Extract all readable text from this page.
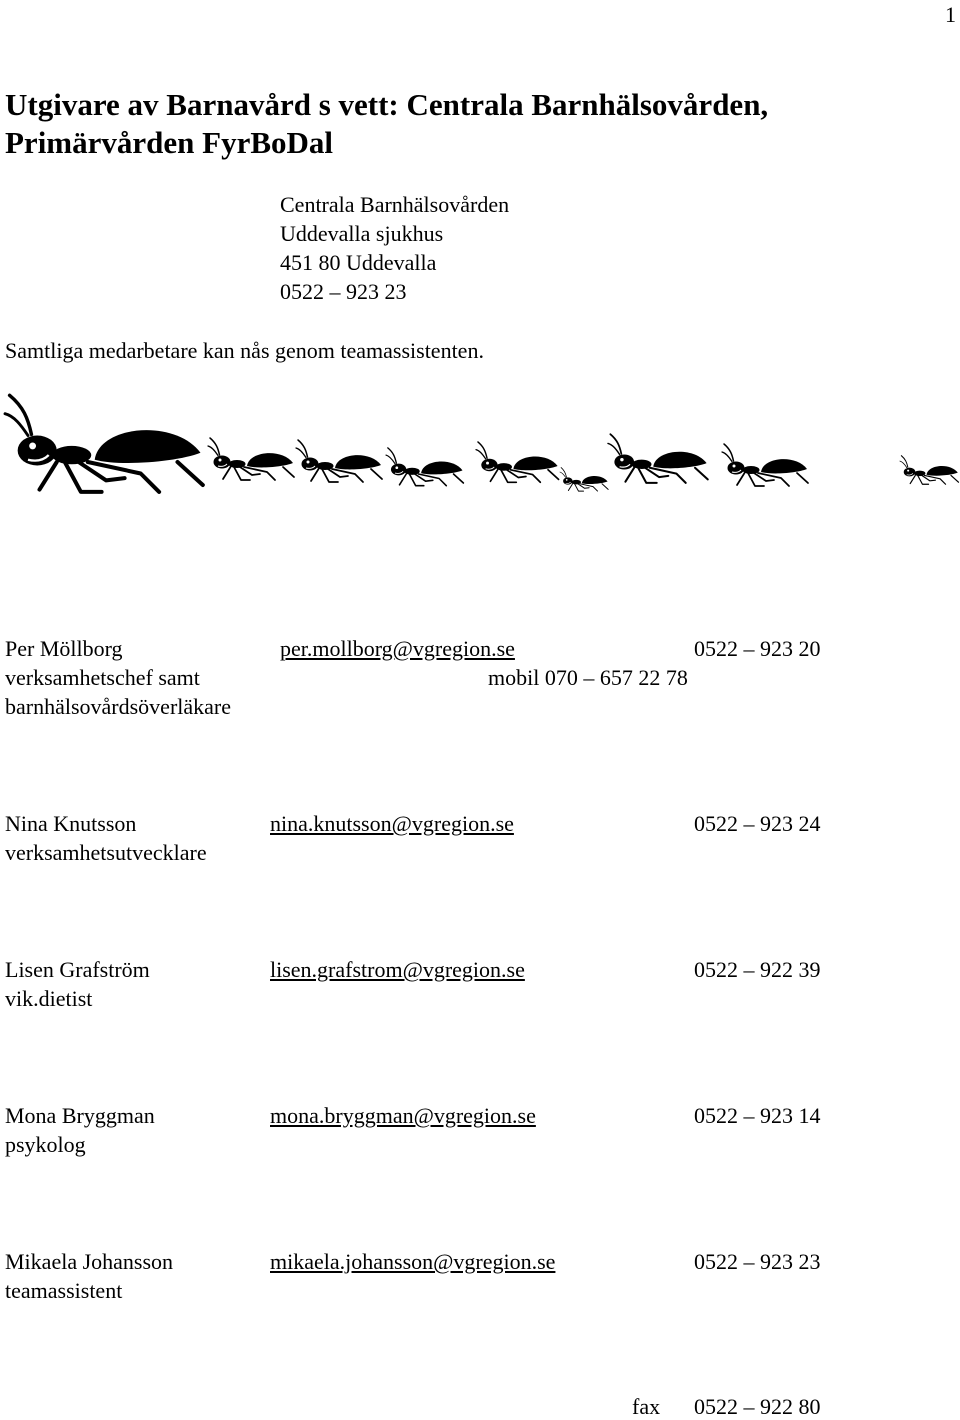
1
Utgivare av Barnavård s vett: Centrala Barnhälsovården, Primärvården FyrBoDal
Centrala Barnhälsovården
Uddevalla sjukhus
451 80 Uddevalla
0522 – 923 23
Samtliga medarbetare kan nås genom teamassistenten.
Per Möllborg	per.mollborg@vgregion.se	0522 – 923 20
verksamhetschef samt	mobil 070 – 657 22 78
barnhälsovårdsöverläkare
Nina Knutsson	nina.knutsson@vgregion.se	0522 – 923 24
verksamhetsutvecklare
Lisen Grafström	lisen.grafstrom@vgregion.se	0522 – 922 39
vik.dietist
Mona Bryggman	mona.bryggman@vgregion.se	0522 – 923 14
psykolog
Mikaela Johansson	mikaela.johansson@vgregion.se	0522 – 923 23
teamassistent
fax 0522 – 922 80
